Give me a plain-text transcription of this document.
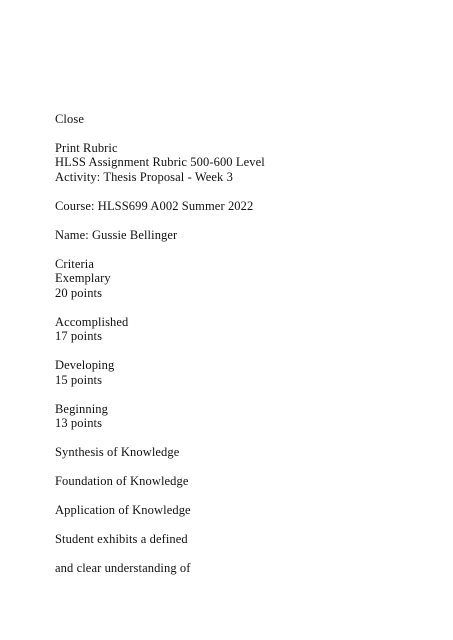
Close
Print Rubric
HLSS Assignment Rubric 500-600 Level
Activity: Thesis Proposal - Week 3
Course: HLSS699 A002 Summer 2022
Name: Gussie Bellinger
Criteria
Exemplary
20 points
Accomplished
17 points
Developing
15 points
Beginning
13 points
Synthesis of Knowledge
Foundation of Knowledge
Application of Knowledge
Student exhibits a defined
and clear understanding of
